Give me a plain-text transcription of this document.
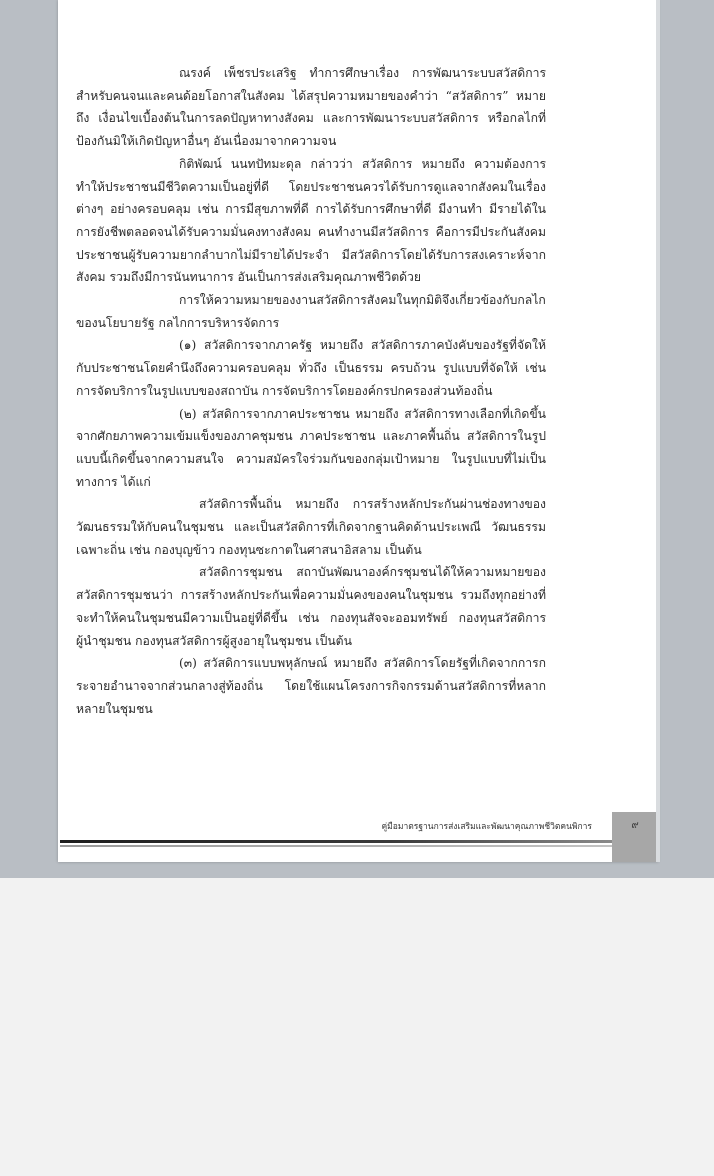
คู่มือมาตรฐานการส่งเสริมและพัฒนาคุณภาพชีวิตคนพิการ	๙

ณรงค์ เพ็ชรประเสริฐ ทำการศึกษาเรื่อง การพัฒนาระบบสวัสดิการสำหรับคนจนและคนด้อยโอกาสในสังคม ได้สรุปความหมายของคำว่า “สวัสดิการ” หมายถึง เงื่อนไขเบื้องต้นในการลดปัญหาทางสังคม และการพัฒนาระบบสวัสดิการ หรือกลไกที่ป้องกันมิให้เกิดปัญหาอื่นๆ อันเนื่องมาจากความจน

กิติพัฒน์ นนทปัทมะดุล กล่าวว่า สวัสดิการ หมายถึง ความต้องการทำให้ประชาชนมีชีวิตความเป็นอยู่ที่ดี โดยประชาชนควรได้รับการดูแลจากสังคมในเรื่องต่างๆ อย่างครอบคลุม เช่น การมีสุขภาพที่ดี การได้รับการศึกษาที่ดี มีงานทำ มีรายได้ในการยังชีพตลอดจนได้รับความมั่นคงทางสังคม คนทำงานมีสวัสดิการ คือการมีประกันสังคม ประชาชนผู้รับความยากลำบากไม่มีรายได้ประจำ มีสวัสดิการโดยได้รับการสงเคราะห์จากสังคม รวมถึงมีการนันทนาการ อันเป็นการส่งเสริมคุณภาพชีวิตด้วย

การให้ความหมายของงานสวัสดิการสังคมในทุกมิติจึงเกี่ยวข้องกับกลไกของนโยบายรัฐ กลไกการบริหารจัดการ

(๑) สวัสดิการจากภาครัฐ หมายถึง สวัสดิการภาคบังคับของรัฐที่จัดให้กับประชาชนโดยคำนึงถึงความครอบคลุม ทั่วถึง เป็นธรรม ครบถ้วน รูปแบบที่จัดให้ เช่น การจัดบริการในรูปแบบของสถาบัน การจัดบริการโดยองค์กรปกครองส่วนท้องถิ่น

(๒) สวัสดิการจากภาคประชาชน หมายถึง สวัสดิการทางเลือกที่เกิดขึ้นจากศักยภาพความเข้มแข็งของภาคชุมชน ภาคประชาชน และภาคพื้นถิ่น สวัสดิการในรูปแบบนี้เกิดขึ้นจากความสนใจ ความสมัครใจร่วมกันของกลุ่มเป้าหมาย ในรูปแบบที่ไม่เป็นทางการ ได้แก่

สวัสดิการพื้นถิ่น หมายถึง การสร้างหลักประกันผ่านช่องทางของวัฒนธรรมให้กับคนในชุมชน และเป็นสวัสดิการที่เกิดจากฐานคิดด้านประเพณี วัฒนธรรมเฉพาะถิ่น เช่น กองบุญข้าว กองทุนซะกาตในศาสนาอิสลาม เป็นต้น

สวัสดิการชุมชน สถาบันพัฒนาองค์กรชุมชนได้ให้ความหมายของสวัสดิการชุมชนว่า การสร้างหลักประกันเพื่อความมั่นคงของคนในชุมชน รวมถึงทุกอย่างที่จะทำให้คนในชุมชนมีความเป็นอยู่ที่ดีขึ้น เช่น กองทุนสัจจะออมทรัพย์ กองทุนสวัสดิการผู้นำชุมชน กองทุนสวัสดิการผู้สูงอายุในชุมชน เป็นต้น

(๓) สวัสดิการแบบพหุลักษณ์ หมายถึง สวัสดิการโดยรัฐที่เกิดจากการกระจายอำนาจจากส่วนกลางสู่ท้องถิ่น โดยใช้แผนโครงการกิจกรรมด้านสวัสดิการที่หลากหลายในชุมชน
